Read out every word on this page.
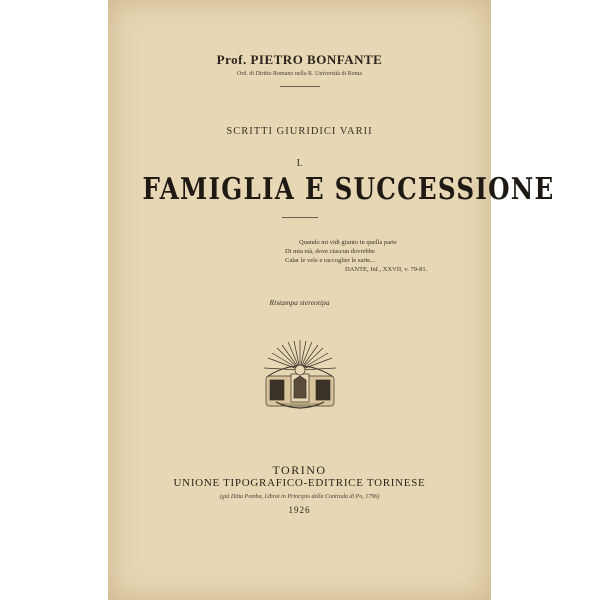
Prof. PIETRO BONFANTE
Ord. di Diritto Romano nella R. Università di Roma
SCRITTI GIURIDICI VARII
I.
FAMIGLIA E SUCCESSIONE
Quando mi vidi giunto in quella parte
Di mia età, dove ciascun dovrebbe
Calar le vele e raccoglier le sarte...
DANTE, Inf., XXVII, v. 79-81.
Ristampa stereotipa
TORINO
UNIONE TIPOGRAFICO-EDITRICE TORINESE
(già Ditta Pomba, Librai in Principio della Contrada di Po, 1796)
1926
